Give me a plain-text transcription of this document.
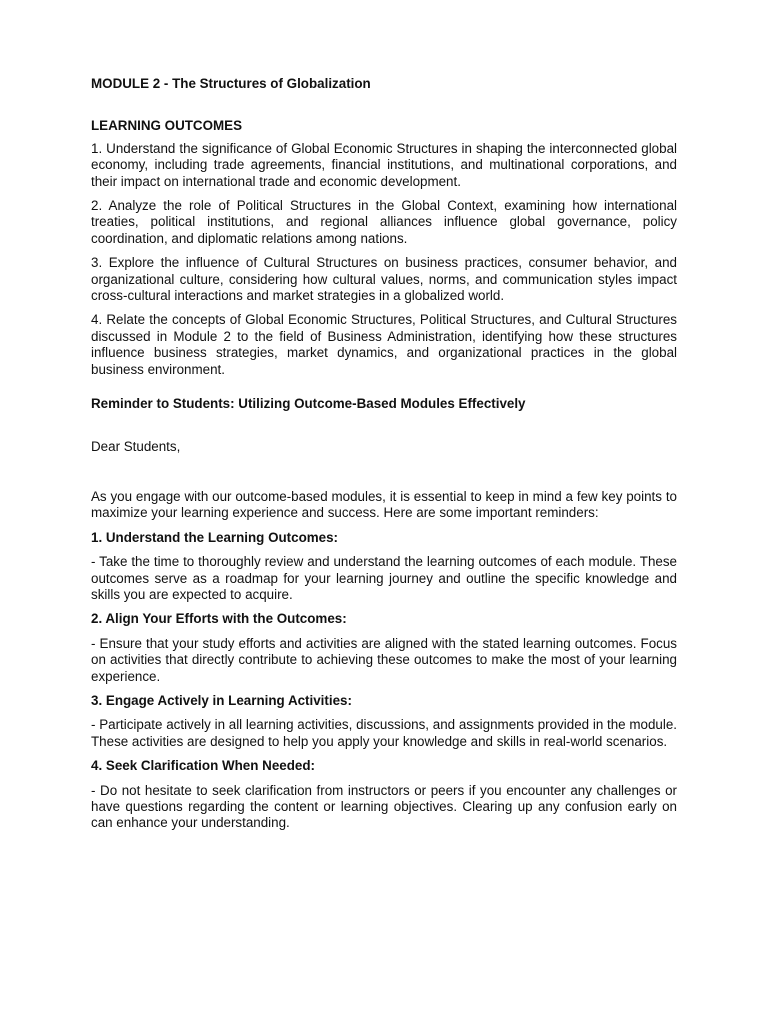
MODULE 2 - The Structures of Globalization
LEARNING OUTCOMES
1. Understand the significance of Global Economic Structures in shaping the interconnected global economy, including trade agreements, financial institutions, and multinational corporations, and their impact on international trade and economic development.
2. Analyze the role of Political Structures in the Global Context, examining how international treaties, political institutions, and regional alliances influence global governance, policy coordination, and diplomatic relations among nations.
3. Explore the influence of Cultural Structures on business practices, consumer behavior, and organizational culture, considering how cultural values, norms, and communication styles impact cross-cultural interactions and market strategies in a globalized world.
4. Relate the concepts of Global Economic Structures, Political Structures, and Cultural Structures discussed in Module 2 to the field of Business Administration, identifying how these structures influence business strategies, market dynamics, and organizational practices in the global business environment.
Reminder to Students: Utilizing Outcome-Based Modules Effectively
Dear Students,
As you engage with our outcome-based modules, it is essential to keep in mind a few key points to maximize your learning experience and success. Here are some important reminders:
1. Understand the Learning Outcomes:
- Take the time to thoroughly review and understand the learning outcomes of each module. These outcomes serve as a roadmap for your learning journey and outline the specific knowledge and skills you are expected to acquire.
2. Align Your Efforts with the Outcomes:
- Ensure that your study efforts and activities are aligned with the stated learning outcomes. Focus on activities that directly contribute to achieving these outcomes to make the most of your learning experience.
3. Engage Actively in Learning Activities:
- Participate actively in all learning activities, discussions, and assignments provided in the module. These activities are designed to help you apply your knowledge and skills in real-world scenarios.
4. Seek Clarification When Needed:
- Do not hesitate to seek clarification from instructors or peers if you encounter any challenges or have questions regarding the content or learning objectives. Clearing up any confusion early on can enhance your understanding.
